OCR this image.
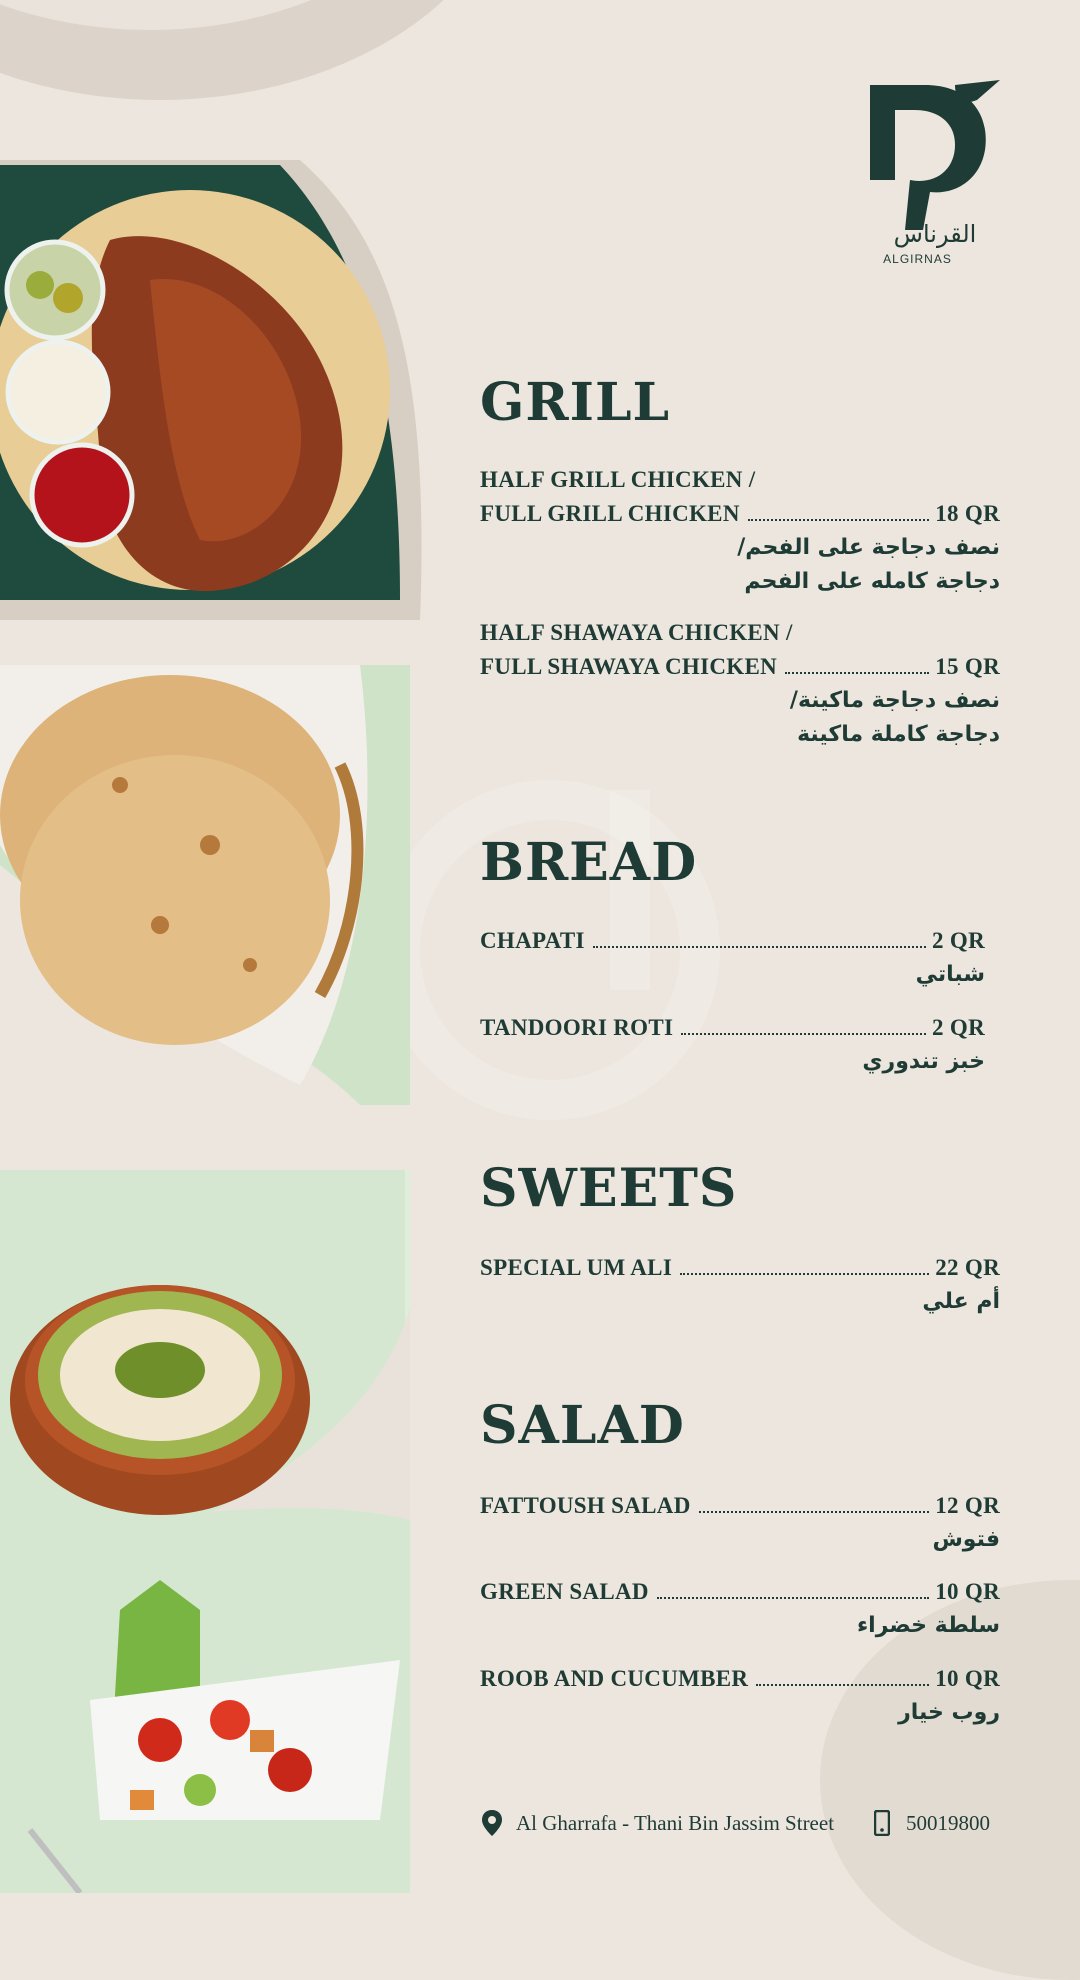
القرناس
ALGIRNAS
GRILL
HALF GRILL CHICKEN /
FULL GRILL CHICKEN	18 QR
نصف دجاجة على الفحم/
دجاجة كامله على الفحم
HALF SHAWAYA CHICKEN /
FULL SHAWAYA CHICKEN	15 QR
نصف دجاجة ماكينة/
دجاجة كاملة ماكينة
BREAD
CHAPATI	2 QR
شباتي
TANDOORI ROTI	2 QR
خبز تندوري
SWEETS
SPECIAL UM ALI	22 QR
أم علي
SALAD
FATTOUSH SALAD	12 QR
فتوش
GREEN SALAD	10 QR
سلطة خضراء
ROOB AND CUCUMBER	10 QR
روب خيار
Al Gharrafa - Thani Bin Jassim Street	50019800
